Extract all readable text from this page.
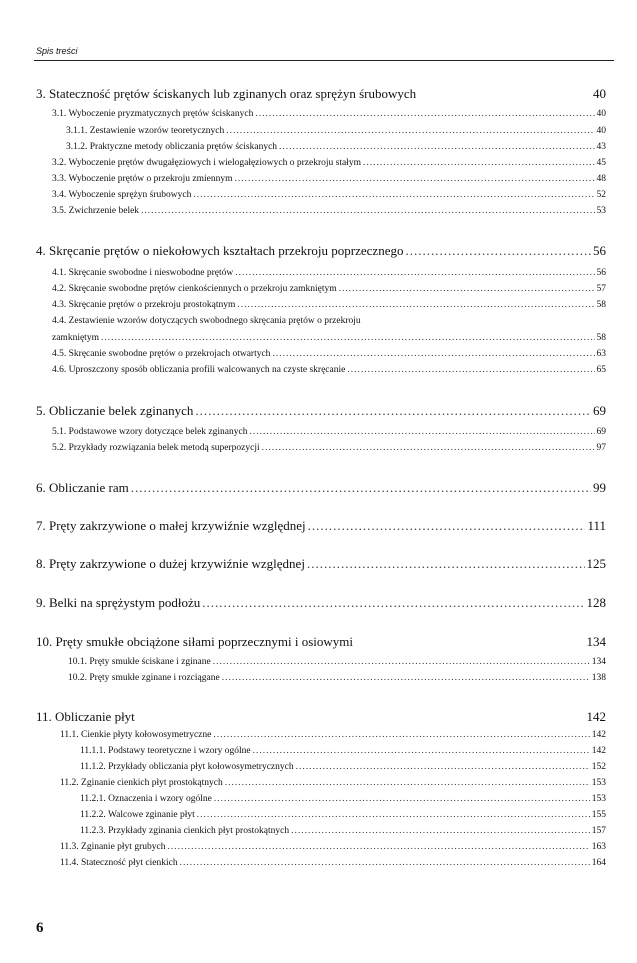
Spis treści
3. Stateczność prętów ściskanych lub zginanych oraz sprężyn śrubowych	40
3.1. Wyboczenie pryzmatycznych prętów ściskanych .....	40
3.1.1. Zestawienie wzorów teoretycznych .....	40
3.1.2. Praktyczne metody obliczania prętów ściskanych .....	43
3.2. Wyboczenie prętów dwugałęziowych i wielogałęziowych o przekroju stałym .....	45
3.3. Wyboczenie prętów o przekroju zmiennym .....	48
3.4. Wyboczenie sprężyn śrubowych .....	52
3.5. Zwichrzenie belek .....	53
4. Skręcanie prętów o niekołowych kształtach przekroju poprzecznego .....	56
4.1. Skręcanie swobodne i nieswobodne prętów .....	56
4.2. Skręcanie swobodne prętów cienkościennych o przekroju zamkniętym .....	57
4.3. Skręcanie prętów o przekroju prostokątnym .....	58
4.4. Zestawienie wzorów dotyczących swobodnego skręcania prętów o przekroju
zamkniętym .....	58
4.5. Skręcanie swobodne prętów o przekrojach otwartych .....	63
4.6. Uproszczony sposób obliczania profili walcowanych na czyste skręcanie .....	65
5. Obliczanie belek zginanych .....	69
5.1. Podstawowe wzory dotyczące belek zginanych .....	69
5.2. Przykłady rozwiązania belek metodą superpozycji .....	97
6. Obliczanie ram .....	99
7. Pręty zakrzywione o małej krzywiźnie względnej .....	111
8. Pręty zakrzywione o dużej krzywiźnie względnej .....	125
9. Belki na sprężystym podłożu .....	128
10. Pręty smukłe obciążone siłami poprzecznymi i osiowymi	134
10.1. Pręty smukłe ściskane i zginane .....	134
10.2. Pręty smukłe zginane i rozciągane .....	138
11. Obliczanie płyt	142
11.1. Cienkie płyty kołowosymetryczne .....	142
11.1.1. Podstawy teoretyczne i wzory ogólne .....	142
11.1.2. Przykłady obliczania płyt kołowosymetrycznych .....	152
11.2. Zginanie cienkich płyt prostokątnych .....	153
11.2.1. Oznaczenia i wzory ogólne .....	153
11.2.2. Walcowe zginanie płyt .....	155
11.2.3. Przykłady zginania cienkich płyt prostokątnych .....	157
11.3. Zginanie płyt grubych .....	163
11.4. Stateczność płyt cienkich .....	164
6
